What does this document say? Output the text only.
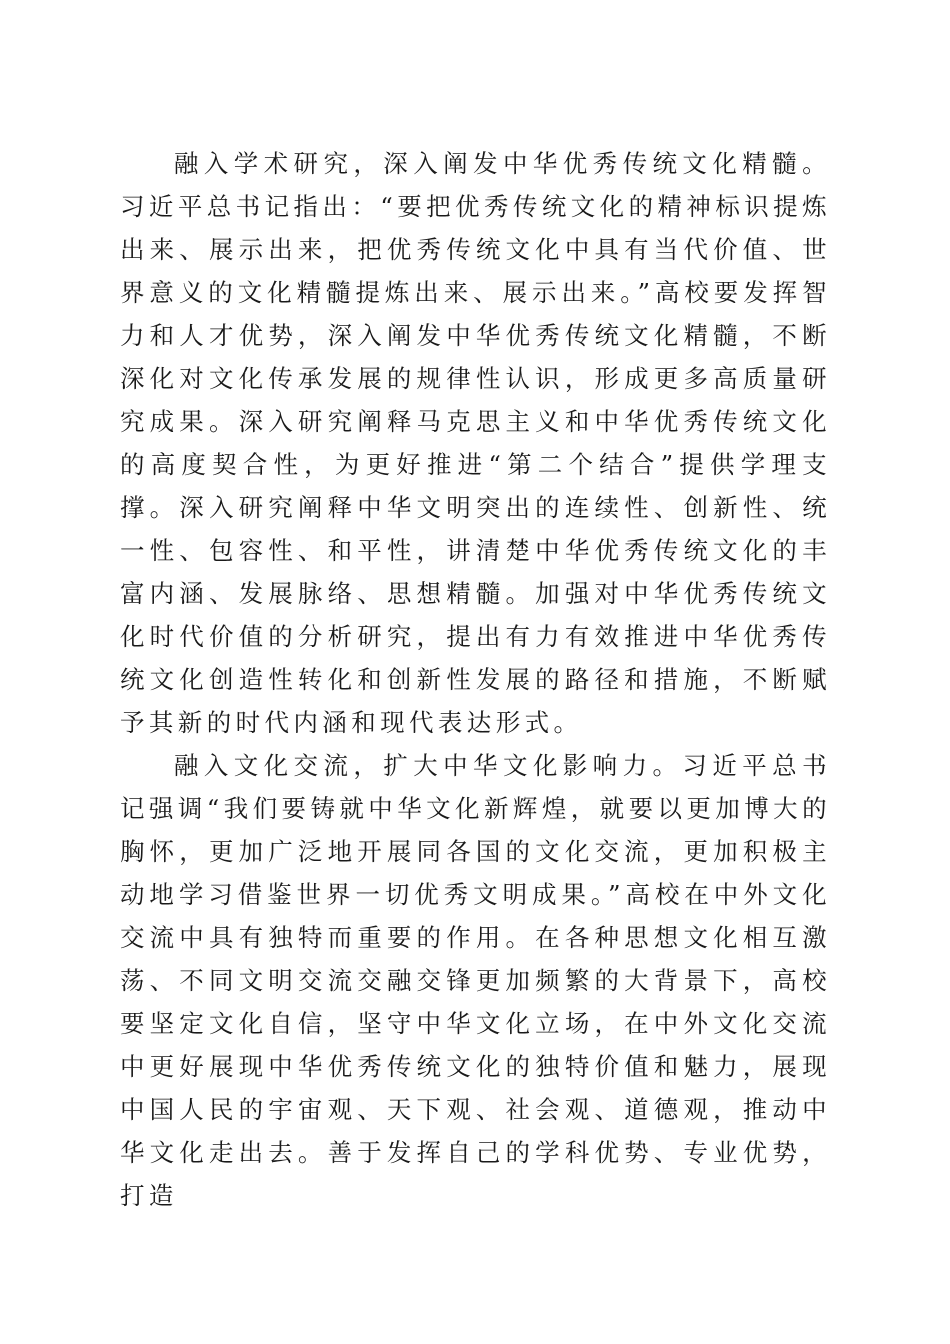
融入学术研究，深入阐发中华优秀传统文化精髓。习近平总书记指出：“要把优秀传统文化的精神标识提炼出来、展示出来，把优秀传统文化中具有当代价值、世界意义的文化精髓提炼出来、展示出来。”高校要发挥智力和人才优势，深入阐发中华优秀传统文化精髓，不断深化对文化传承发展的规律性认识，形成更多高质量研究成果。深入研究阐释马克思主义和中华优秀传统文化的高度契合性，为更好推进“第二个结合”提供学理支撑。深入研究阐释中华文明突出的连续性、创新性、统一性、包容性、和平性，讲清楚中华优秀传统文化的丰富内涵、发展脉络、思想精髓。加强对中华优秀传统文化时代价值的分析研究，提出有力有效推进中华优秀传统文化创造性转化和创新性发展的路径和措施，不断赋予其新的时代内涵和现代表达形式。

融入文化交流，扩大中华文化影响力。习近平总书记强调“我们要铸就中华文化新辉煌，就要以更加博大的胸怀，更加广泛地开展同各国的文化交流，更加积极主动地学习借鉴世界一切优秀文明成果。”高校在中外文化交流中具有独特而重要的作用。在各种思想文化相互激荡、不同文明交流交融交锋更加频繁的大背景下，高校要坚定文化自信，坚守中华文化立场，在中外文化交流中更好展现中华优秀传统文化的独特价值和魅力，展现中国人民的宇宙观、天下观、社会观、道德观，推动中华文化走出去。善于发挥自己的学科优势、专业优势，打造
